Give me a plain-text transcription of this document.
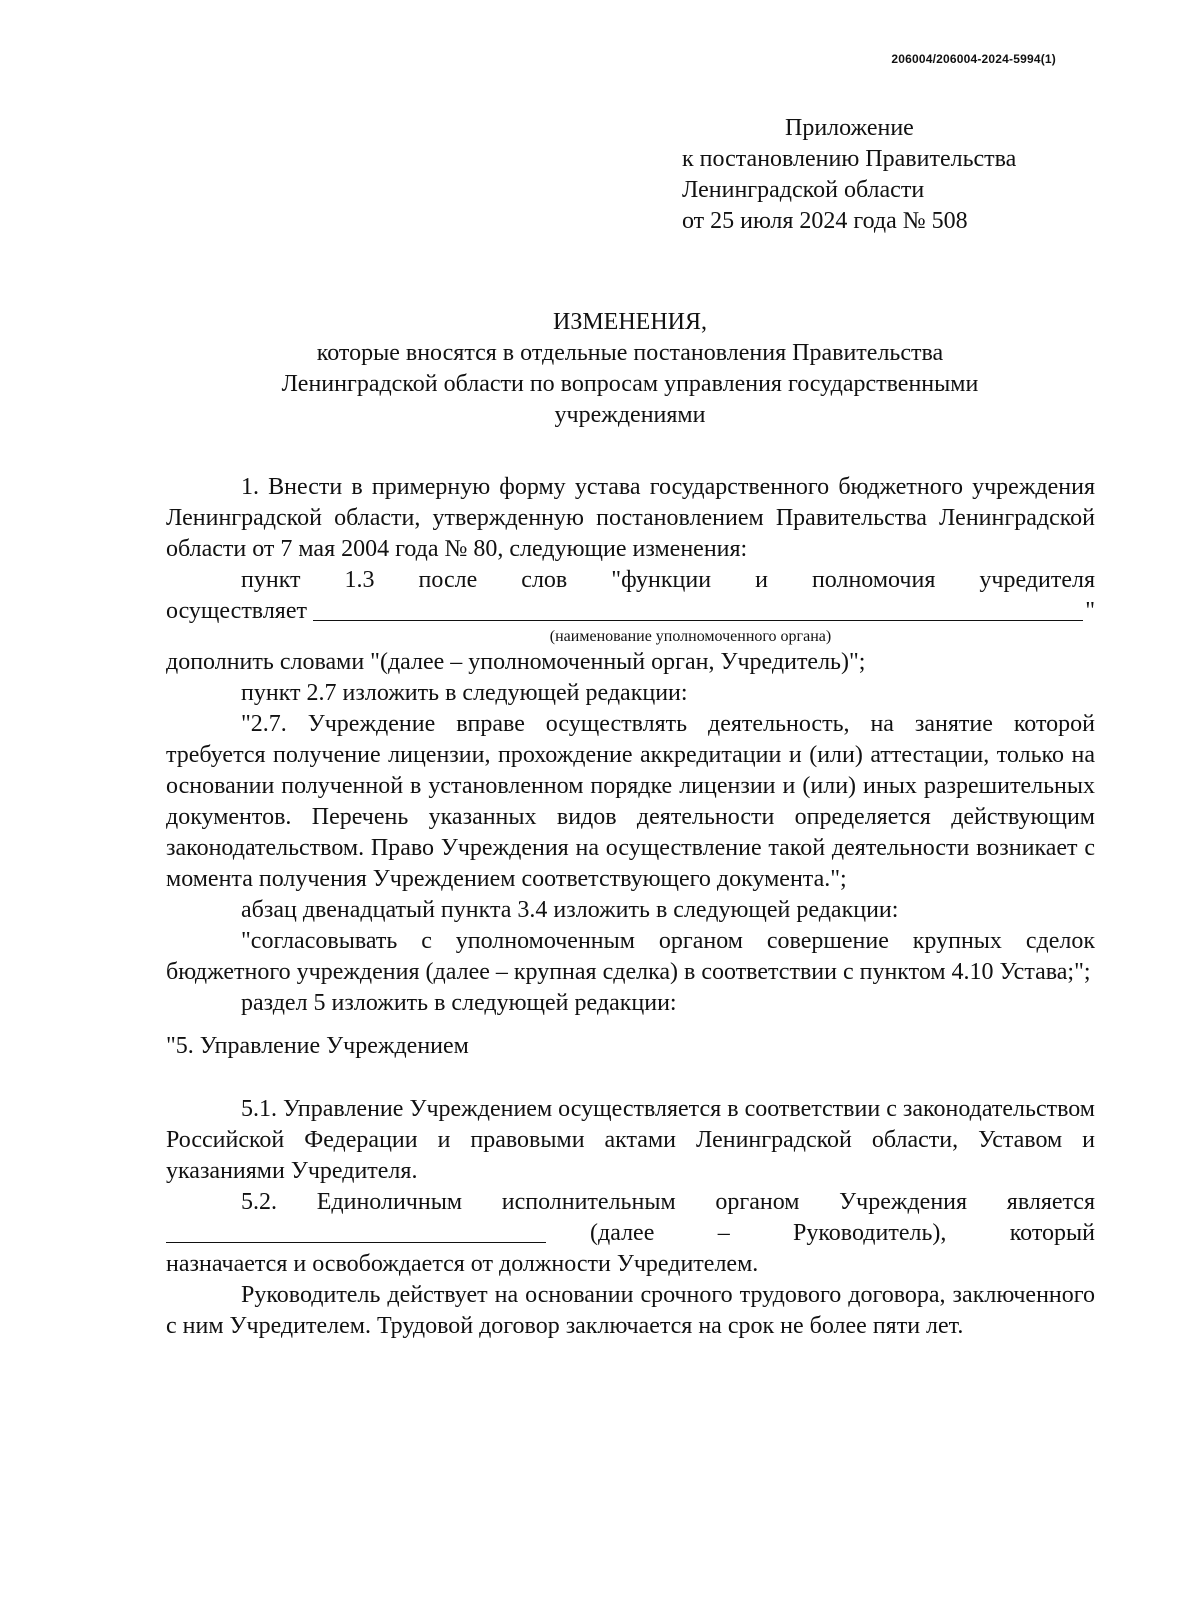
206004/206004-2024-5994(1)
Приложение
к постановлению Правительства
Ленинградской области
от 25 июля 2024 года № 508
ИЗМЕНЕНИЯ,
которые вносятся в отдельные постановления Правительства
Ленинградской области по вопросам управления государственными
учреждениями

1. Внести в примерную форму устава государственного бюджетного учреждения Ленинградской области, утвержденную постановлением Правительства Ленинградской области от 7 мая 2004 года № 80, следующие изменения:

пункт 1.3 после слов "функции и полномочия учредителя

осуществляет	"
(наименование уполномоченного органа)

дополнить словами "(далее – уполномоченный орган, Учредитель)";

пункт 2.7 изложить в следующей редакции:

"2.7. Учреждение вправе осуществлять деятельность, на занятие которой требуется получение лицензии, прохождение аккредитации и (или) аттестации, только на основании полученной в установленном порядке лицензии и (или) иных разрешительных документов. Перечень указанных видов деятельности определяется действующим законодательством. Право Учреждения на осуществление такой деятельности возникает с момента получения Учреждением соответствующего документа.";

абзац двенадцатый пункта 3.4 изложить в следующей редакции:

"согласовывать с уполномоченным органом совершение крупных сделок бюджетного учреждения (далее – крупная сделка) в соответствии с пунктом 4.10 Устава;";

раздел 5 изложить в следующей редакции:

"5. Управление Учреждением

5.1. Управление Учреждением осуществляется в соответствии с законодательством Российской Федерации и правовыми актами Ленинградской области, Уставом и указаниями Учредителя.

5.2. Единоличным исполнительным органом Учреждения является

(далее	–	Руководитель),	который

назначается и освобождается от должности Учредителем.

Руководитель действует на основании срочного трудового договора, заключенного с ним Учредителем. Трудовой договор заключается на срок не более пяти лет.
